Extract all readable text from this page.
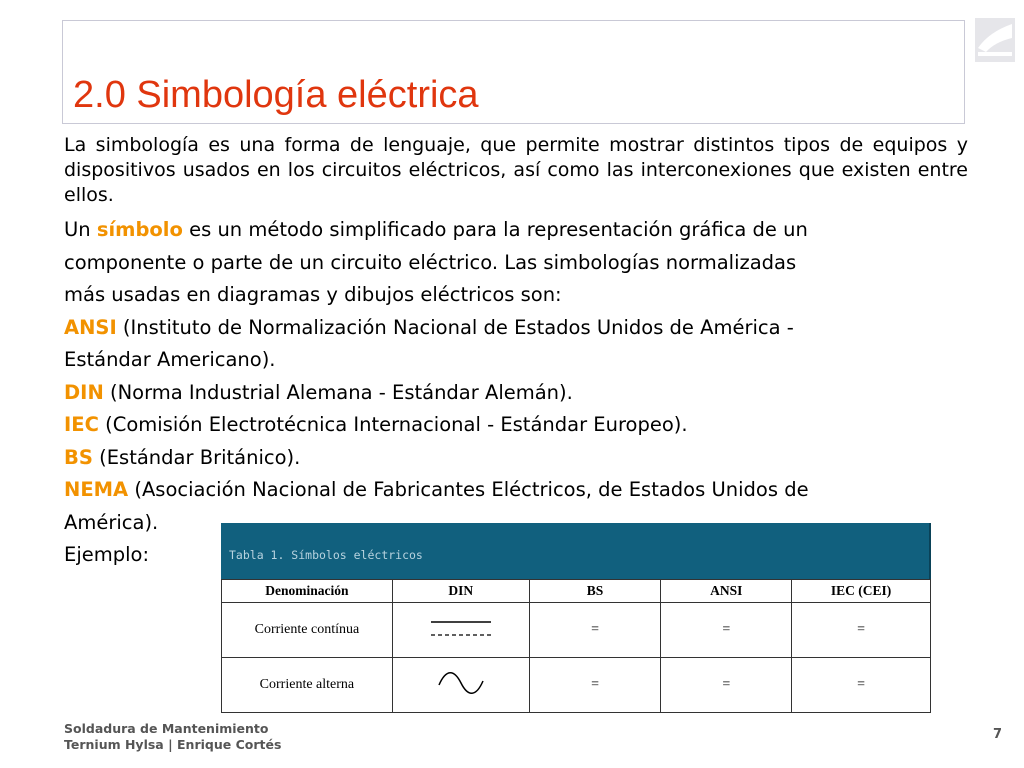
2.0 Simbología eléctrica

La simbología es una forma de lenguaje, que permite mostrar distintos tipos de equipos y dispositivos usados en los circuitos eléctricos, así como las interconexiones que existen entre ellos.

Un símbolo es un método simplificado para la representación gráfica de un

componente o parte de un circuito eléctrico. Las simbologías normalizadas

más usadas en diagramas y dibujos eléctricos son:

ANSI (Instituto de Normalización Nacional de Estados Unidos de América -

Estándar Americano).

DIN (Norma Industrial Alemana - Estándar Alemán).

IEC (Comisión Electrotécnica Internacional - Estándar Europeo).

BS (Estándar Británico).

NEMA (Asociación Nacional de Fabricantes Eléctricos, de Estados Unidos de

América).

Ejemplo:	Tabla 1. Símbolos eléctricos
Denominación	DIN	BS	ANSI	IEC (CEI)
Corriente contínua		=	=	=
Corriente alterna		=	=	=
Soldadura de Mantenimiento
Ternium Hylsa | Enrique Cortés
7
